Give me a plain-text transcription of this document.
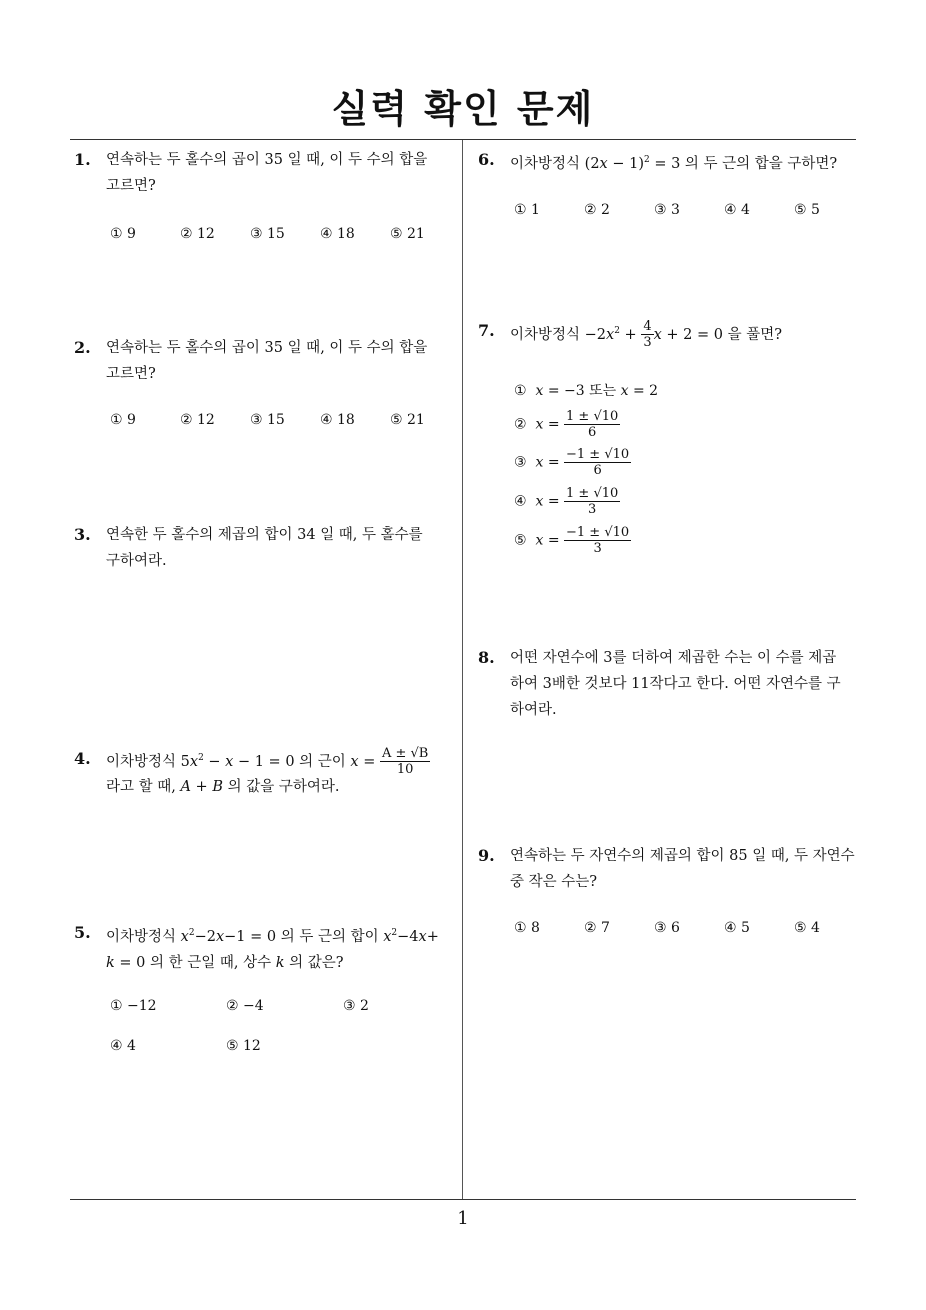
실력 확인 문제
1. 연속하는 두 홀수의 곱이 35 일 때, 이 두 수의 합을
고르면?
① 9	② 12	③ 15	④ 18	⑤ 21
2. 연속하는 두 홀수의 곱이 35 일 때, 이 두 수의 합을
고르면?
① 9	② 12	③ 15	④ 18	⑤ 21
3. 연속한 두 홀수의 제곱의 합이 34 일 때, 두 홀수를
구하여라.
4. 이차방정식 $5x^2 - x - 1 = 0$ 의 근이 $x = \frac{A \pm √B}{10}$
라고 할 때, A + B 의 값을 구하여라.
5. 이차방정식 $x^2-2x-1 = 0$ 의 두 근의 합이 $x^2-4x+$
k = 0 의 한 근일 때, 상수 k 의 값은?
① −12	② −4	③ 2
④ 4	⑤ 12
6. 이차방정식 $(2x - 1)^2 = 3$ 의 두 근의 합을 구하면?
① 1	② 2	③ 3	④ 4	⑤ 5
7. 이차방정식 $-2x^2 + \frac{4}{3}$ x + 2 = 0 을 풀면?
① x = −3 또는 x = 2
② $x = \frac{1 \pm √10}{6}$
③ $x = \frac{-1 \pm √10}{6}$
④ $x = \frac{1 \pm √10}{3}$
⑤ $x = \frac{-1 \pm √10}{3}$
8. 어떤 자연수에 3를 더하여 제곱한 수는 이 수를 제곱
하여 3배한 것보다 11작다고 한다. 어떤 자연수를 구
하여라.
9. 연속하는 두 자연수의 제곱의 합이 85 일 때, 두 자연수
중 작은 수는?
① 8	② 7	③ 6	④ 5	⑤ 4
1
